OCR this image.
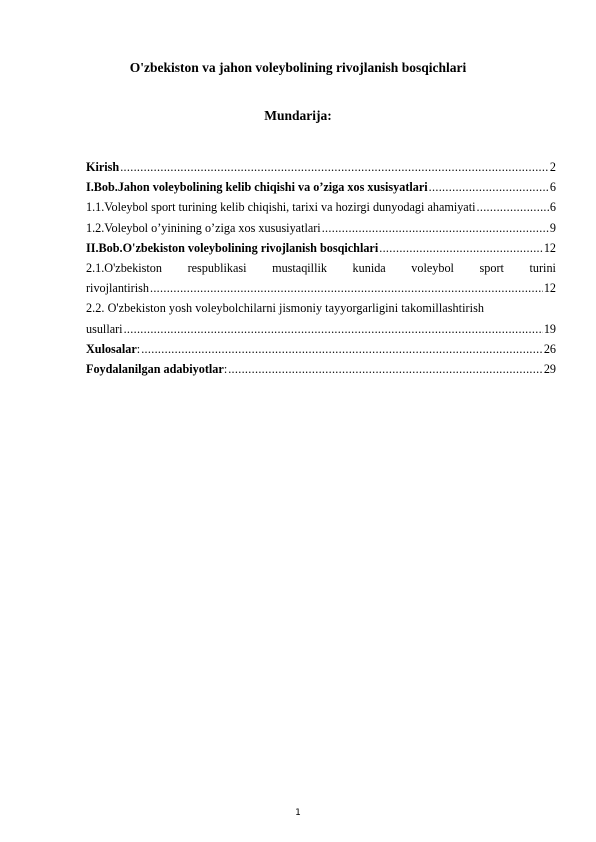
O'zbekiston va jahon voleybolining rivojlanish bosqichlari
Mundarija:
Kirish .....	2
I.Bob.Jahon voleybolining kelib chiqishi va o’ziga xos xusisyatlari .....	6
1.1.Voleybol sport turining kelib chiqishi, tarixi va hozirgi dunyodagi ahamiyati .....	6
1.2.Voleybol o’yinining o’ziga xos xususiyatlari .....	9
II.Bob.O'zbekiston voleybolining rivojlanish bosqichlari .....	12
2.1.O'zbekiston respublikasi mustaqillik kunida voleybol sport turini
rivojlantirish .....	12
2.2. O'zbekiston yosh voleybolchilarni jismoniy tayyorgarligini takomillashtirish
usullari .....	19
Xulosalar: .....	26
Foydalanilgan adabiyotlar: .....	29
1
